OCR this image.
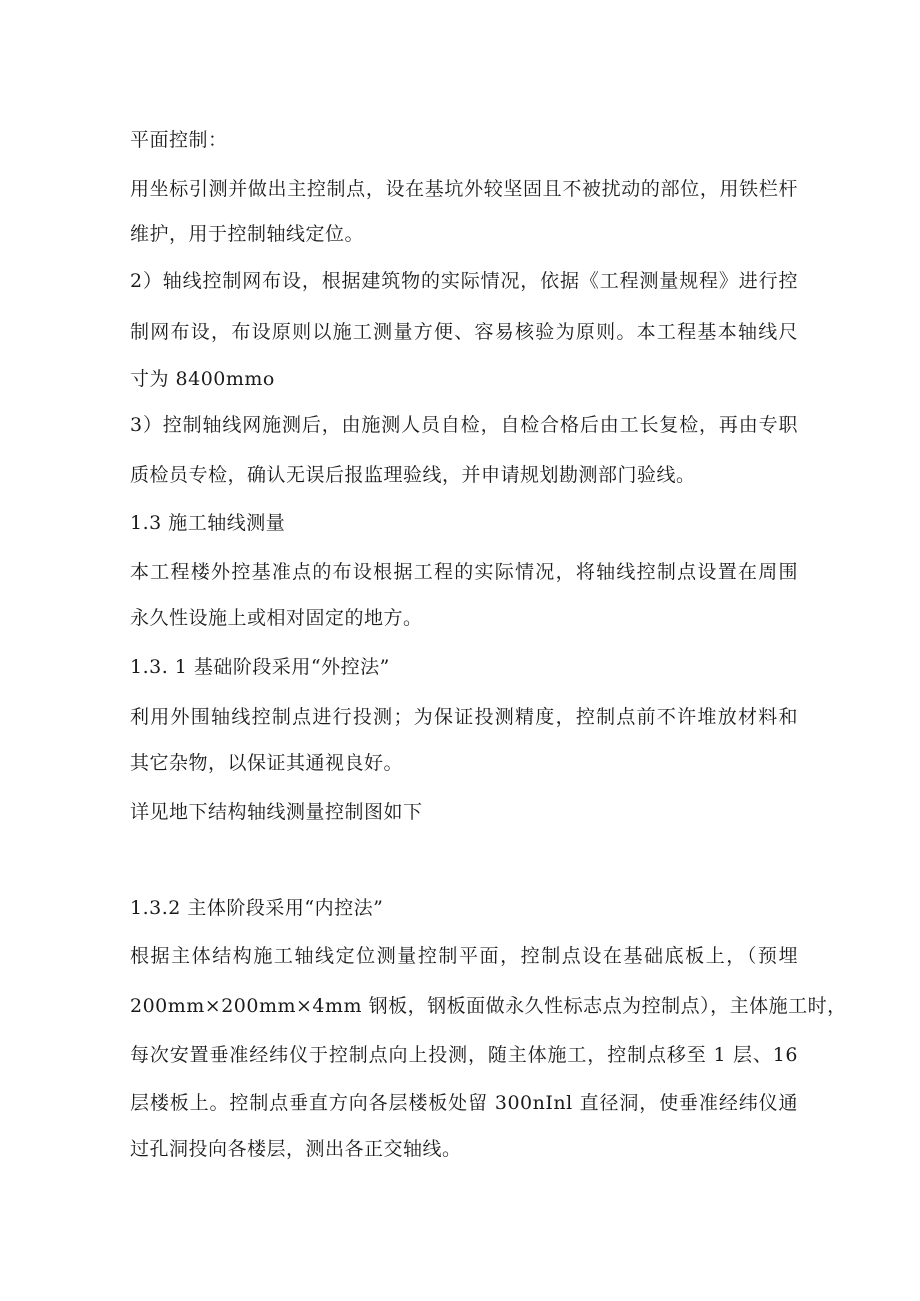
平面控制：
用坐标引测并做出主控制点，设在基坑外较坚固且不被扰动的部位，用铁栏杆
维护，用于控制轴线定位。
2）轴线控制网布设，根据建筑物的实际情况，依据《工程测量规程》进行控
制网布设，布设原则以施工测量方便、容易核验为原则。本工程基本轴线尺
寸为 8400mmo
3）控制轴线网施测后，由施测人员自检，自检合格后由工长复检，再由专职
质检员专检，确认无误后报监理验线，并申请规划勘测部门验线。
1.3 施工轴线测量
本工程楼外控基准点的布设根据工程的实际情况，将轴线控制点设置在周围
永久性设施上或相对固定的地方。
1.3. 1 基础阶段采用“外控法”
利用外围轴线控制点进行投测；为保证投测精度，控制点前不许堆放材料和
其它杂物，以保证其通视良好。
详见地下结构轴线测量控制图如下
1.3.2 主体阶段采用“内控法”
根据主体结构施工轴线定位测量控制平面，控制点设在基础底板上，（预埋
200mm×200mm×4mm 钢板，钢板面做永久性标志点为控制点），主体施工时，
每次安置垂准经纬仪于控制点向上投测，随主体施工，控制点移至 1 层、16
层楼板上。控制点垂直方向各层楼板处留 300nInl 直径洞，使垂准经纬仪通
过孔洞投向各楼层，测出各正交轴线。
